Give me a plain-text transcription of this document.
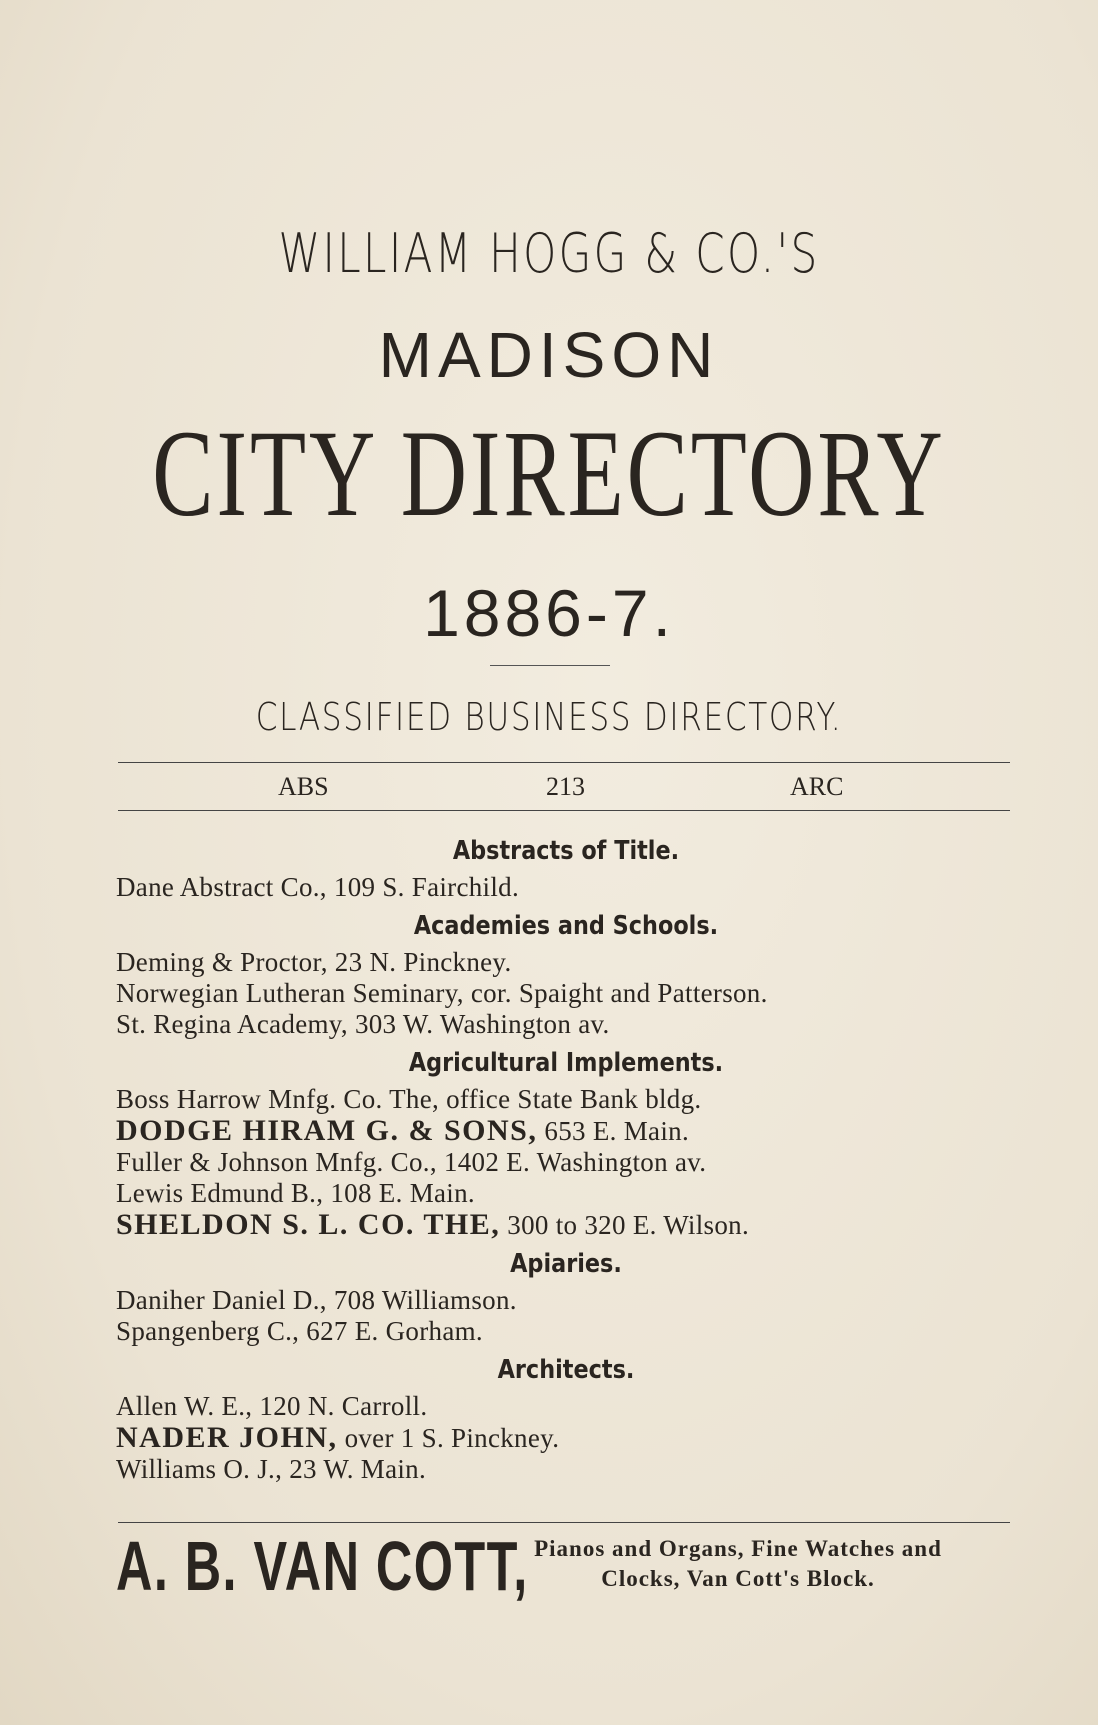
WILLIAM HOGG & CO.'S
MADISON
CITY DIRECTORY
1886-7.
CLASSIFIED BUSINESS DIRECTORY.
ABS	213	ARC
Abstracts of Title.
Dane Abstract Co., 109 S. Fairchild.
Academies and Schools.
Deming & Proctor, 23 N. Pinckney.
Norwegian Lutheran Seminary, cor. Spaight and Patterson.
St. Regina Academy, 303 W. Washington av.
Agricultural Implements.
Boss Harrow Mnfg. Co. The, office State Bank bldg.
DODGE HIRAM G. & SONS, 653 E. Main.
Fuller & Johnson Mnfg. Co., 1402 E. Washington av.
Lewis Edmund B., 108 E. Main.
SHELDON S. L. CO. THE, 300 to 320 E. Wilson.
Apiaries.
Daniher Daniel D., 708 Williamson.
Spangenberg C., 627 E. Gorham.
Architects.
Allen W. E., 120 N. Carroll.
NADER JOHN, over 1 S. Pinckney.
Williams O. J., 23 W. Main.
A. B. VAN COTT, Pianos and Organs, Fine Watches and
Clocks, Van Cott's Block.
